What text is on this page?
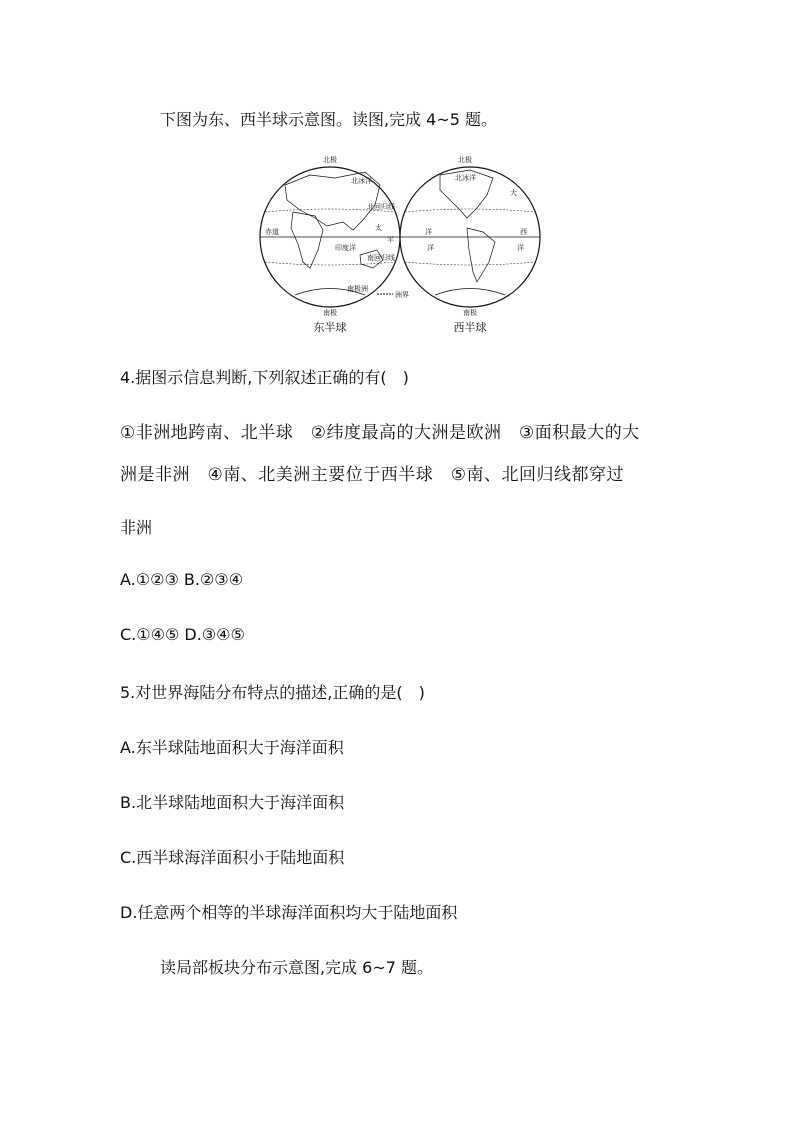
下图为东、西半球示意图。读图,完成 4~5 题。
北极
南极
东半球
北冰洋
北回归线
赤道
印度洋
南回归线
太
平
南极洲
北极
南极
西半球
北冰洋
大
洋	西
洋
洋
洲界
4.据图示信息判断,下列叙述正确的有(　)
①非洲地跨南、北半球　②纬度最高的大洲是欧洲　③面积最大的大
洲是非洲　④南、北美洲主要位于西半球　⑤南、北回归线都穿过
非洲
A.①②③ B.②③④
C.①④⑤ D.③④⑤
5.对世界海陆分布特点的描述,正确的是(　)
A.东半球陆地面积大于海洋面积
B.北半球陆地面积大于海洋面积
C.西半球海洋面积小于陆地面积
D.任意两个相等的半球海洋面积均大于陆地面积
读局部板块分布示意图,完成 6~7 题。
